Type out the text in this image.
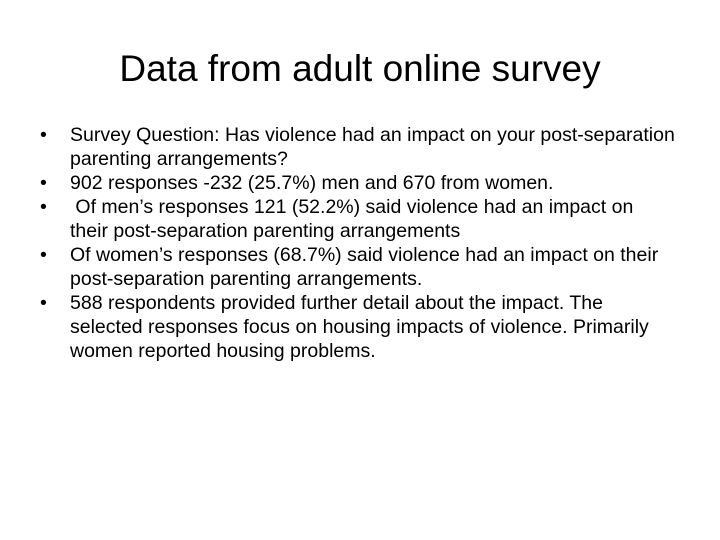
Data from adult online survey
•	Survey Question: Has violence had an impact on your post-separation parenting arrangements?
•	902 responses -232 (25.7%) men and 670 from women.
•	Of men’s responses 121 (52.2%) said violence had an impact on their post-separation parenting arrangements
•	Of women’s responses (68.7%) said violence had an impact on their post-separation parenting arrangements.
•	588 respondents provided further detail about the impact. The selected responses focus on housing impacts of violence. Primarily women reported housing problems.
